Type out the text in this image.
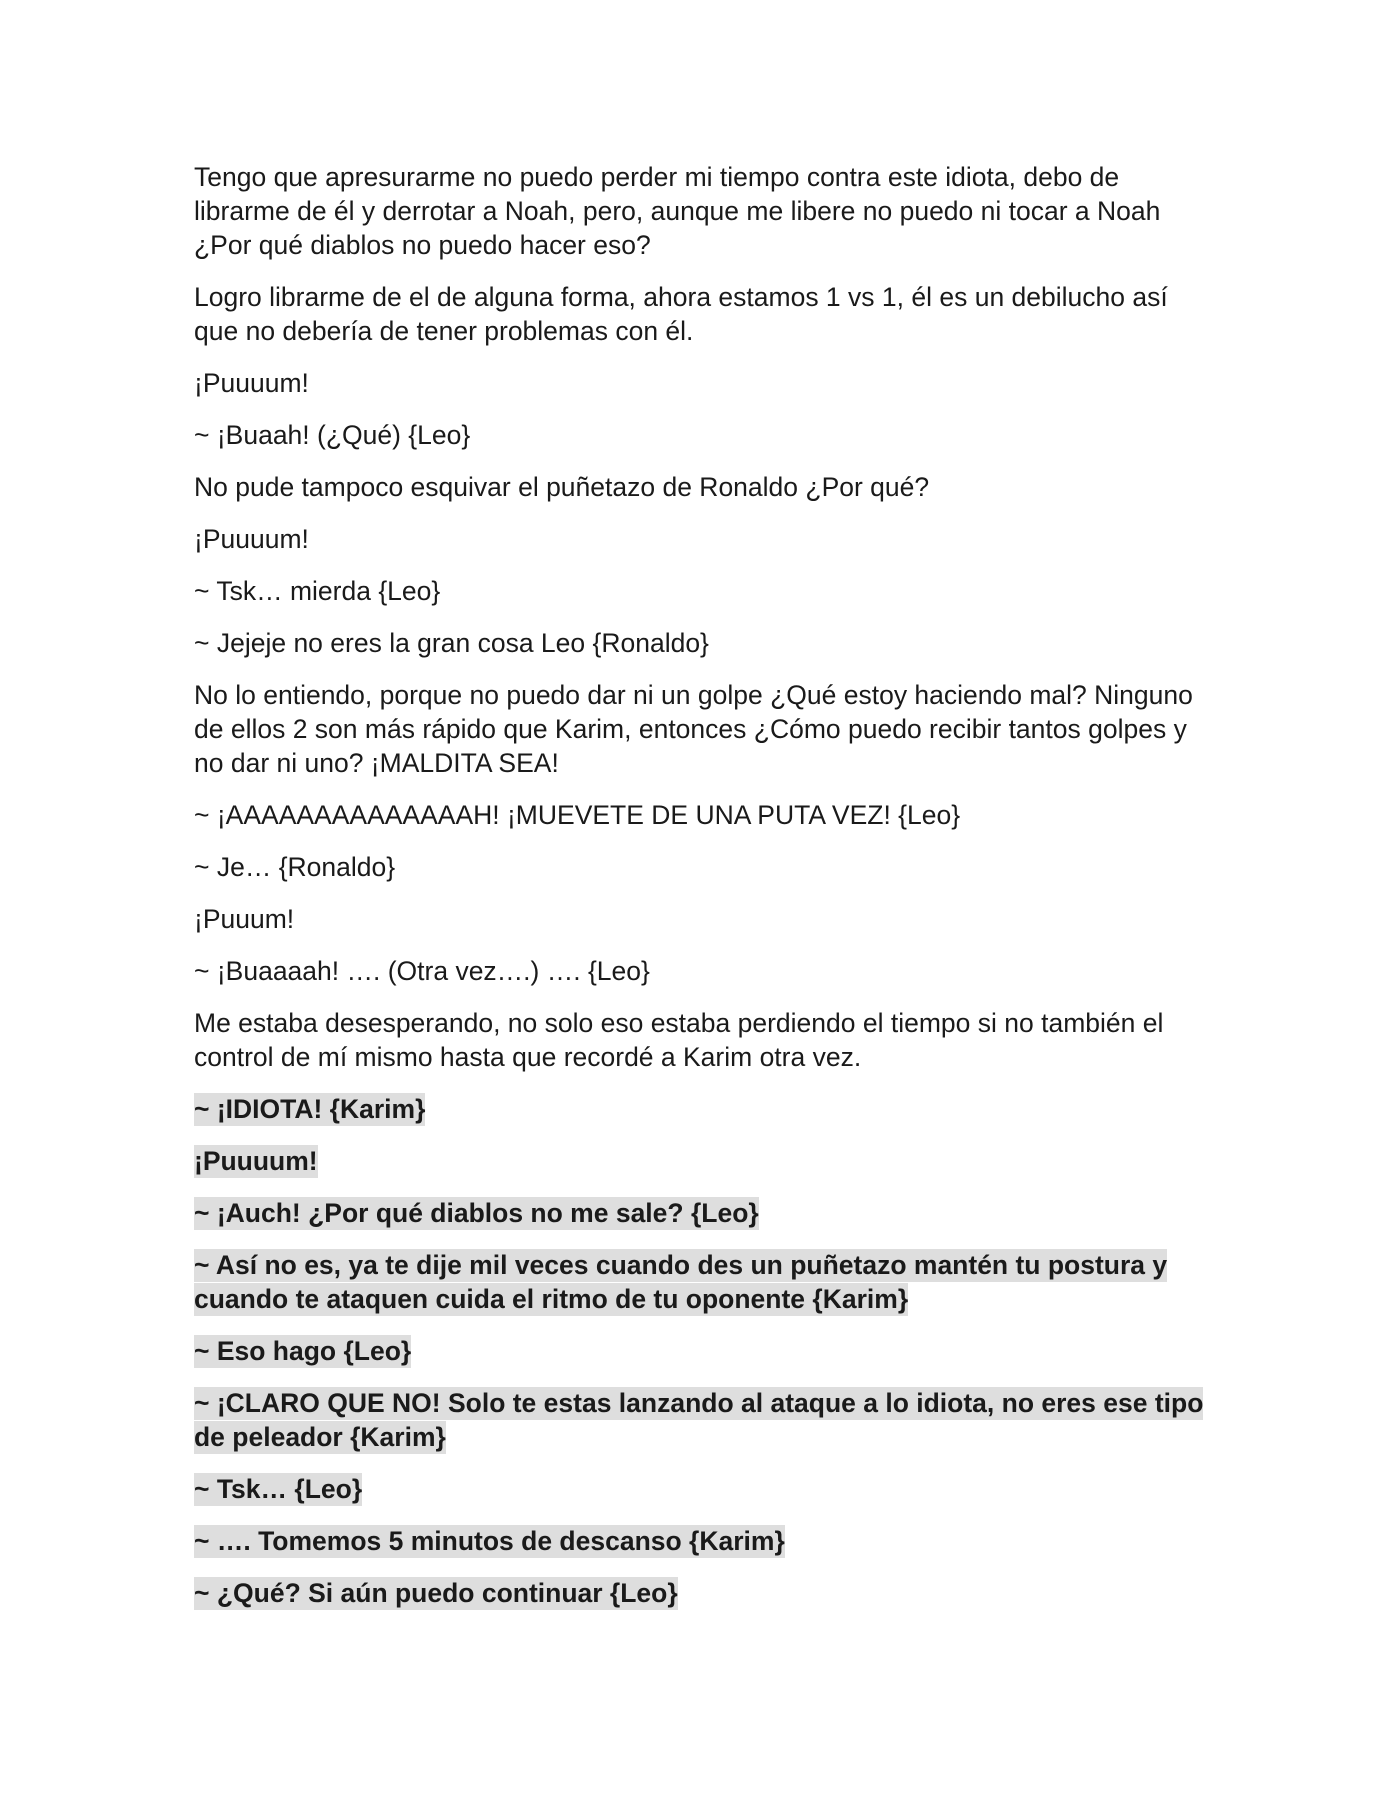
Tengo que apresurarme no puedo perder mi tiempo contra este idiota, debo de librarme de él y derrotar a Noah, pero, aunque me libere no puedo ni tocar a Noah ¿Por qué diablos no puedo hacer eso?

Logro librarme de el de alguna forma, ahora estamos 1 vs 1, él es un debilucho así que no debería de tener problemas con él.

¡Puuuum!

~ ¡Buaah! (¿Qué) {Leo}

No pude tampoco esquivar el puñetazo de Ronaldo ¿Por qué?

¡Puuuum!

~ Tsk… mierda {Leo}

~ Jejeje no eres la gran cosa Leo {Ronaldo}

No lo entiendo, porque no puedo dar ni un golpe ¿Qué estoy haciendo mal? Ninguno de ellos 2 son más rápido que Karim, entonces ¿Cómo puedo recibir tantos golpes y no dar ni uno? ¡MALDITA SEA!

~ ¡AAAAAAAAAAAAAAH! ¡MUEVETE DE UNA PUTA VEZ! {Leo}

~ Je… {Ronaldo}

¡Puuum!

~ ¡Buaaaah! …. (Otra vez….) …. {Leo}

Me estaba desesperando, no solo eso estaba perdiendo el tiempo si no también el control de mí mismo hasta que recordé a Karim otra vez.

~ ¡IDIOTA! {Karim}

¡Puuuum!

~ ¡Auch! ¿Por qué diablos no me sale? {Leo}

~ Así no es, ya te dije mil veces cuando des un puñetazo mantén tu postura y cuando te ataquen cuida el ritmo de tu oponente {Karim}

~ Eso hago {Leo}

~ ¡CLARO QUE NO! Solo te estas lanzando al ataque a lo idiota, no eres ese tipo de peleador {Karim}

~ Tsk… {Leo}

~ …. Tomemos 5 minutos de descanso {Karim}

~ ¿Qué? Si aún puedo continuar {Leo}
